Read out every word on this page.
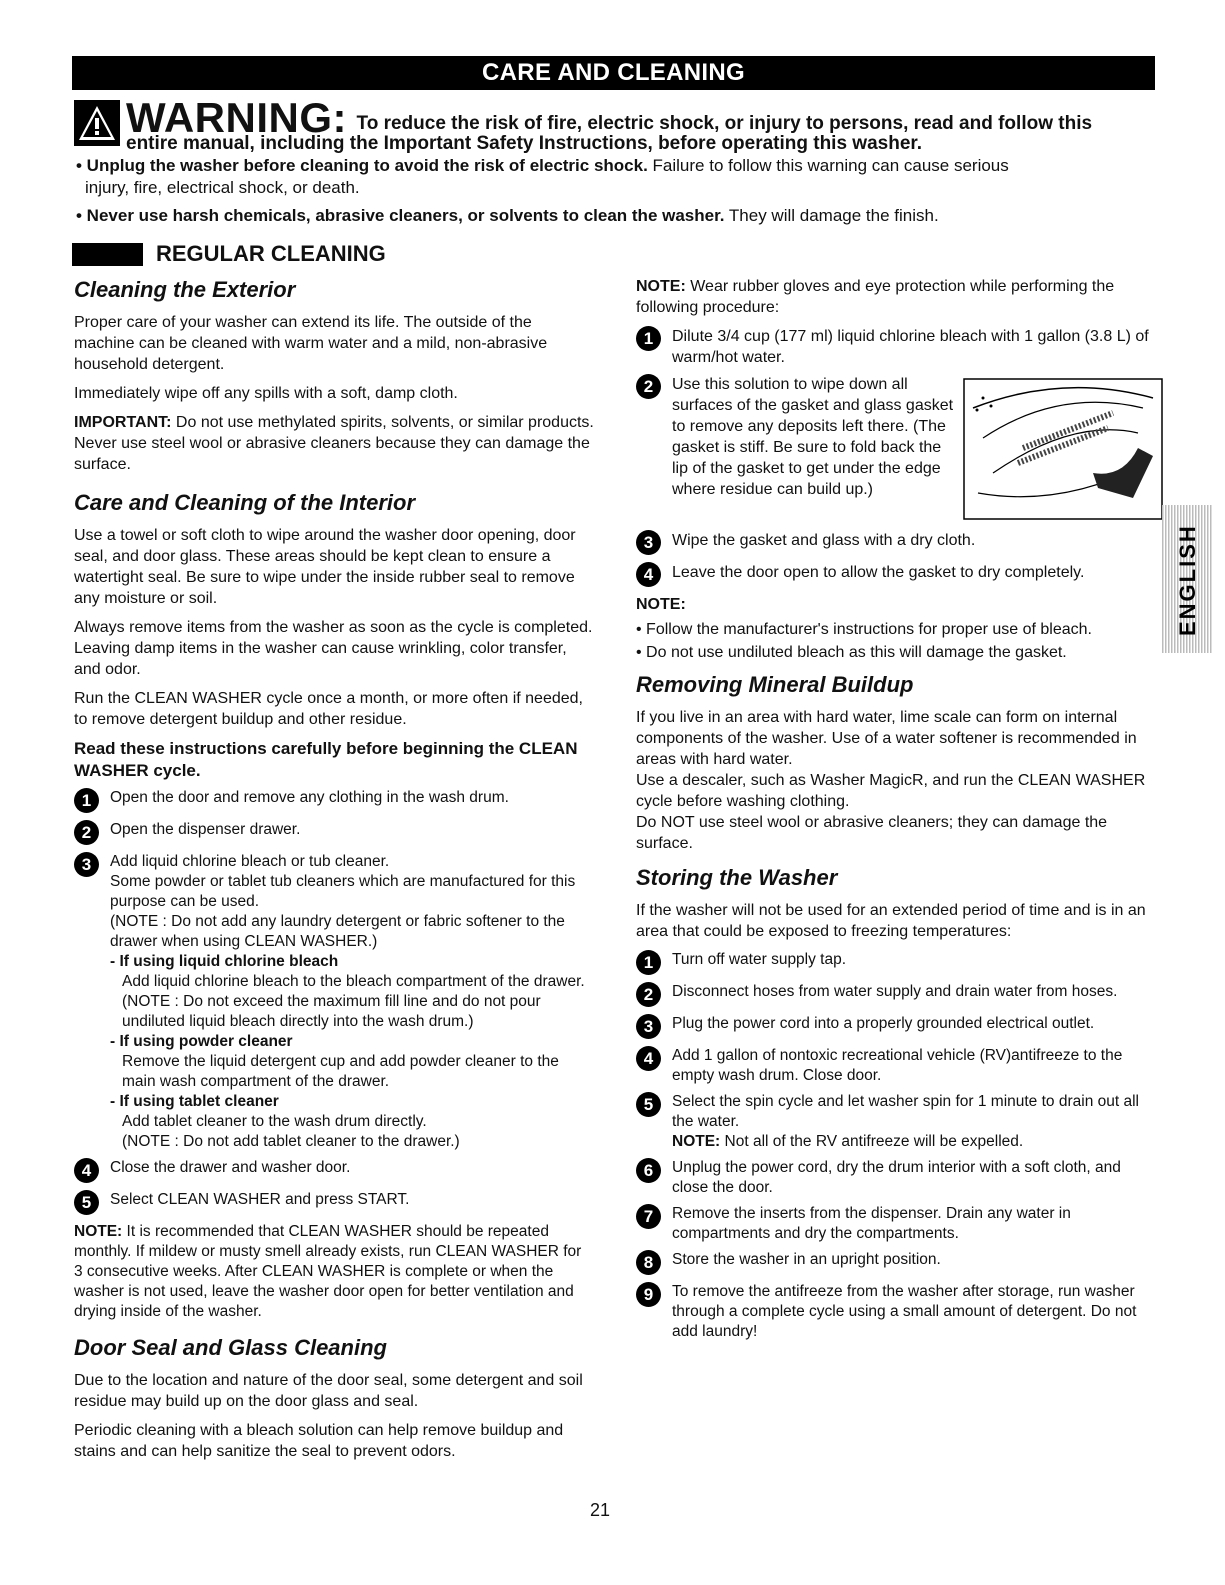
CARE AND CLEANING
WARNING: To reduce the risk of fire, electric shock, or injury to persons, read and follow this
entire manual, including the Important Safety Instructions, before operating this washer.
• Unplug the washer before cleaning to avoid the risk of electric shock. Failure to follow this warning can cause serious
injury, fire, electrical shock, or death.
• Never use harsh chemicals, abrasive cleaners, or solvents to clean the washer. They will damage the finish.
REGULAR CLEANING
Cleaning the Exterior

Proper care of your washer can extend its life. The outside of the machine can be cleaned with warm water and a mild, non-abrasive household detergent.

Immediately wipe off any spills with a soft, damp cloth.

IMPORTANT: Do not use methylated spirits, solvents, or similar products. Never use steel wool or abrasive cleaners because they can damage the surface.

Care and Cleaning of the Interior

Use a towel or soft cloth to wipe around the washer door opening, door seal, and door glass. These areas should be kept clean to ensure a watertight seal. Be sure to wipe under the inside rubber seal to remove any moisture or soil.

Always remove items from the washer as soon as the cycle is completed. Leaving damp items in the washer can cause wrinkling, color transfer, and odor.

Run the CLEAN WASHER cycle once a month, or more often if needed, to remove detergent buildup and other residue.

Read these instructions carefully before beginning the CLEAN WASHER cycle.

1	Open the door and remove any clothing in the wash drum.
2	Open the dispenser drawer.
3	Add liquid chlorine bleach or tub cleaner.
Some powder or tablet tub cleaners which are manufactured for this purpose can be used.
(NOTE : Do not add any laundry detergent or fabric softener to the drawer when using CLEAN WASHER.)
- If using liquid chlorine bleach
Add liquid chlorine bleach to the bleach compartment of the drawer. (NOTE : Do not exceed the maximum fill line and do not pour undiluted liquid bleach directly into the wash drum.)
- If using powder cleaner
Remove the liquid detergent cup and add powder cleaner to the main wash compartment of the drawer.
- If using tablet cleaner
Add tablet cleaner to the wash drum directly.
(NOTE : Do not add tablet cleaner to the drawer.)
4	Close the drawer and washer door.
5	Select CLEAN WASHER and press START.

NOTE: It is recommended that CLEAN WASHER should be repeated monthly. If mildew or musty smell already exists, run CLEAN WASHER for 3 consecutive weeks. After CLEAN WASHER is complete or when the washer is not used, leave the washer door open for better ventilation and drying inside of the washer.

Door Seal and Glass Cleaning

Due to the location and nature of the door seal, some detergent and soil residue may build up on the door glass and seal.

Periodic cleaning with a bleach solution can help remove buildup and stains and can help sanitize the seal to prevent odors.

NOTE: Wear rubber gloves and eye protection while performing the following procedure:

1	Dilute 3/4 cup (177 ml) liquid chlorine bleach with 1 gallon (3.8 L) of warm/hot water.
2	Use this solution to wipe down all surfaces of the gasket and glass gasket to remove any deposits left there. (The gasket is stiff. Be sure to fold back the lip of the gasket to get under the edge where residue can build up.)
3	Wipe the gasket and glass with a dry cloth.
4	Leave the door open to allow the gasket to dry completely.

NOTE:

• Follow the manufacturer's instructions for proper use of bleach.

• Do not use undiluted bleach as this will damage the gasket.

Removing Mineral Buildup

If you live in an area with hard water, lime scale can form on internal components of the washer. Use of a water softener is recommended in areas with hard water.

Use a descaler, such as Washer MagicR, and run the CLEAN WASHER cycle before washing clothing.

Do NOT use steel wool or abrasive cleaners; they can damage the surface.

Storing the Washer

If the washer will not be used for an extended period of time and is in an area that could be exposed to freezing temperatures:

1	Turn off water supply tap.
2	Disconnect hoses from water supply and drain water from hoses.
3	Plug the power cord into a properly grounded electrical outlet.
4	Add 1 gallon of nontoxic recreational vehicle (RV)antifreeze to the empty wash drum. Close door.
5	Select the spin cycle and let washer spin for 1 minute to drain out all the water.
NOTE: Not all of the RV antifreeze will be expelled.
6	Unplug the power cord, dry the drum interior with a soft cloth, and close the door.
7	Remove the inserts from the dispenser. Drain any water in compartments and dry the compartments.
8	Store the washer in an upright position.
9	To remove the antifreeze from the washer after storage, run washer through a complete cycle using a small amount of detergent. Do not add laundry!
21
ENGLISH
